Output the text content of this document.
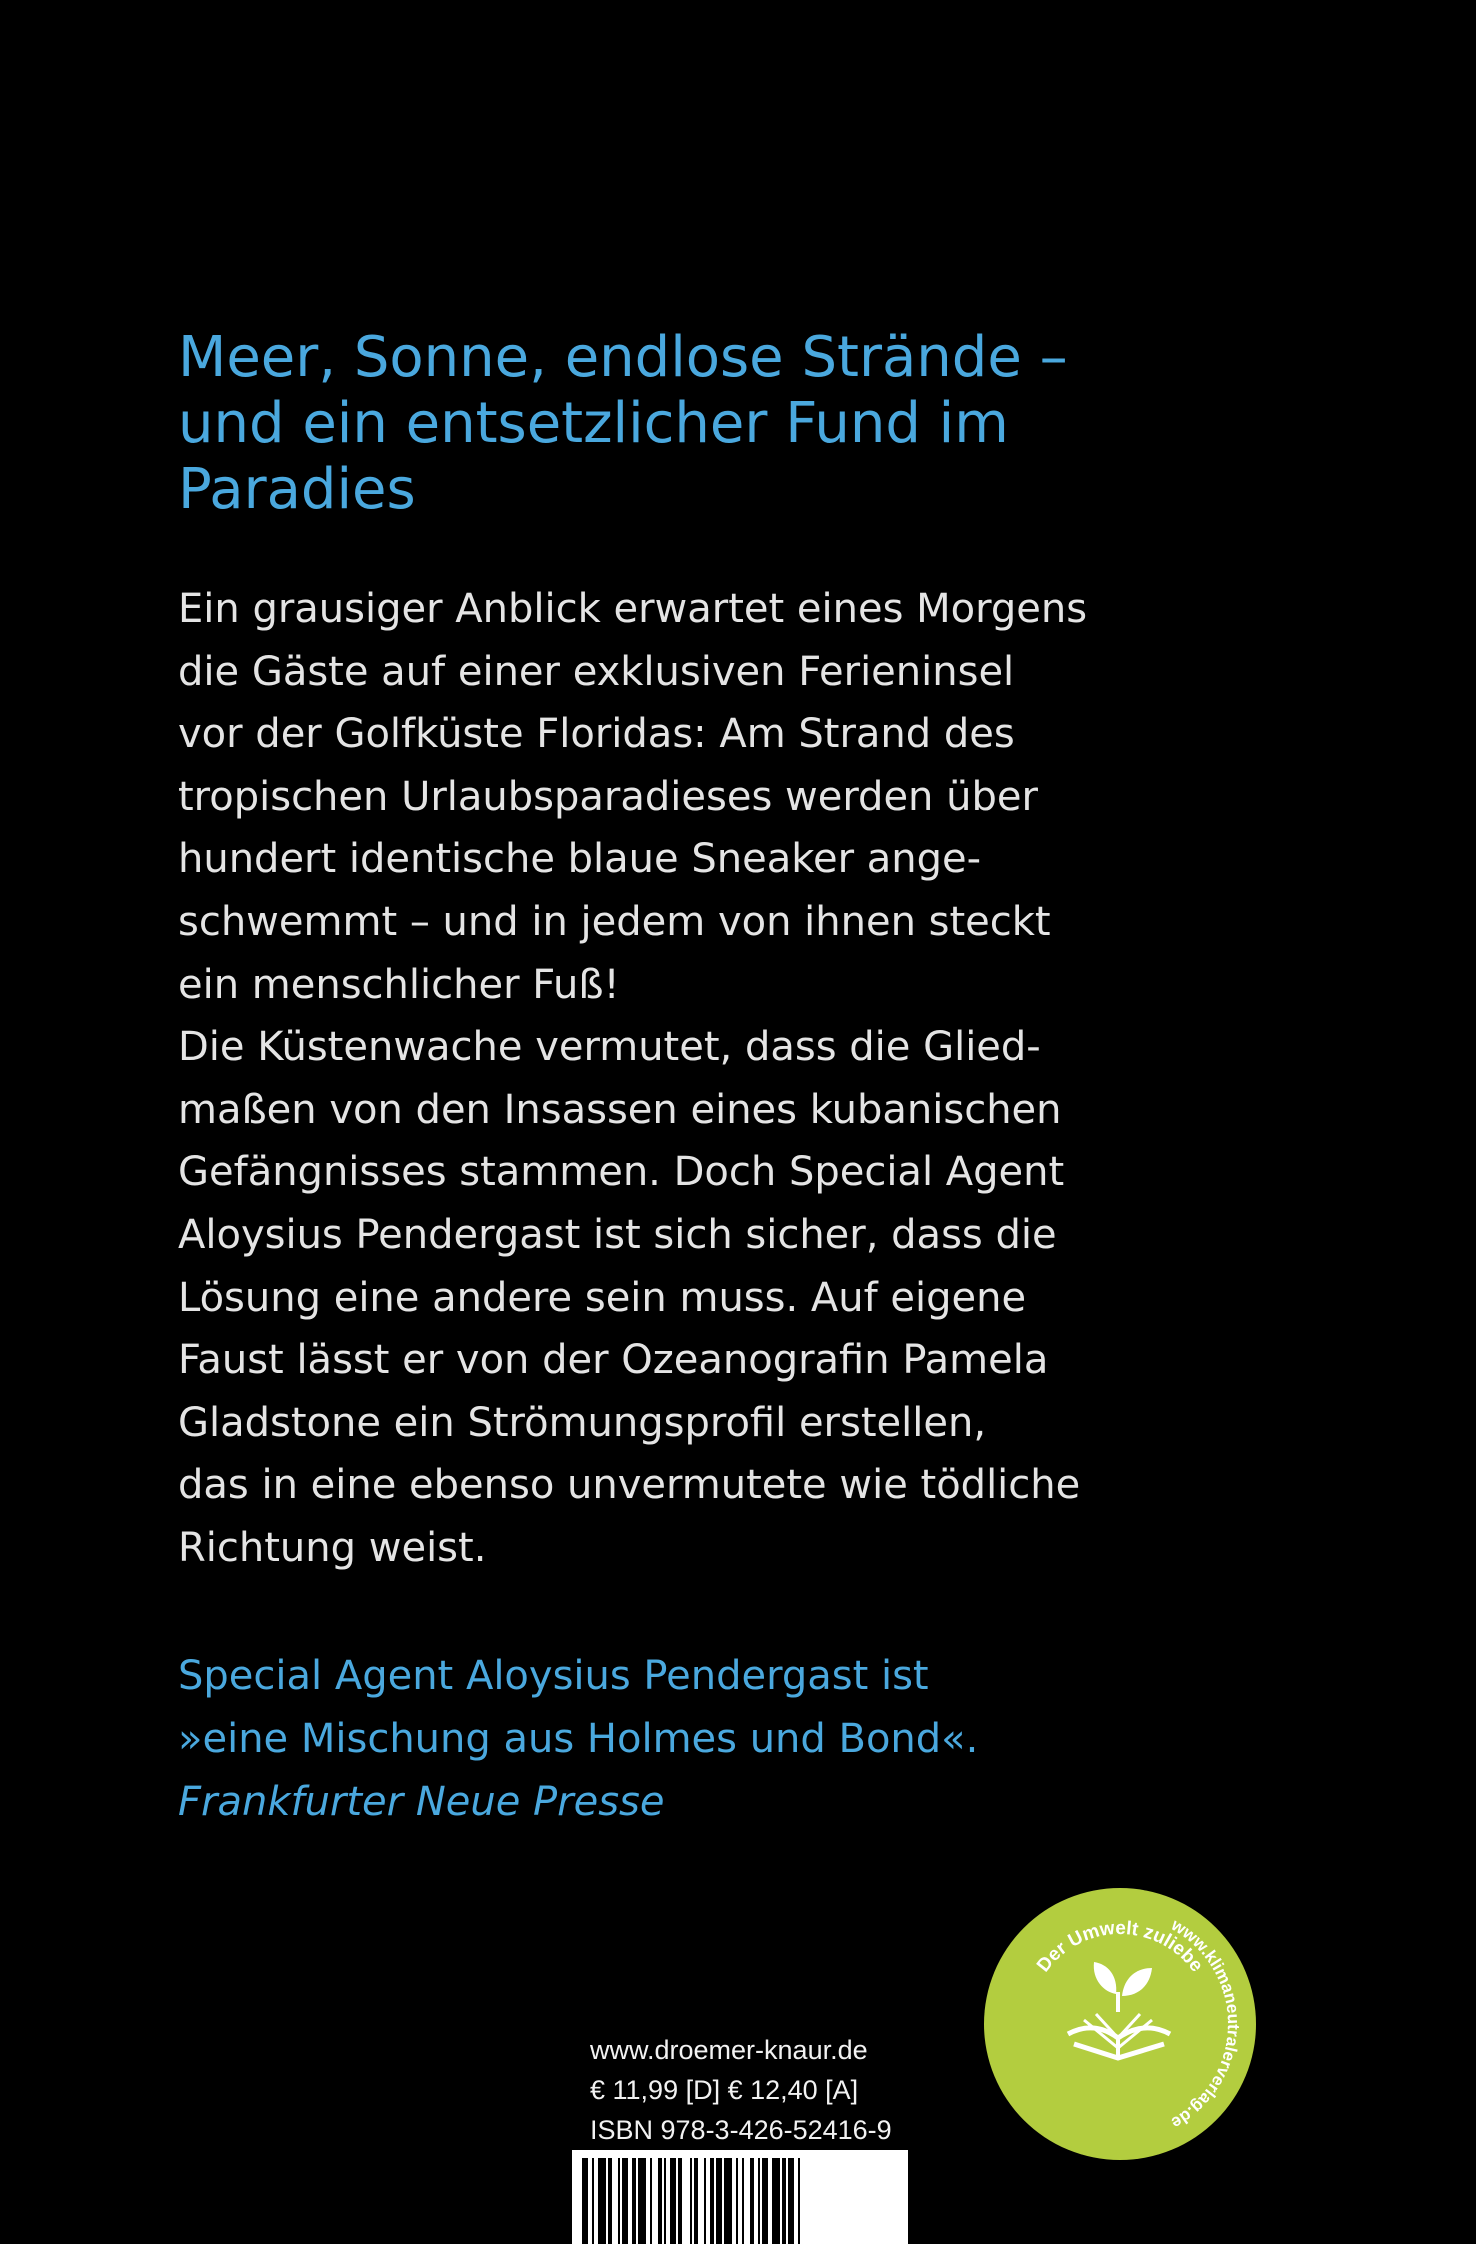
Meer, Sonne, endlose Strände –
und ein entsetzlicher Fund im
Paradies
Ein grausiger Anblick erwartet eines Morgens
die Gäste auf einer exklusiven Ferieninsel
vor der Golfküste Floridas: Am Strand des
tropischen Urlaubsparadieses werden über
hundert identische blaue Sneaker ange-
schwemmt – und in jedem von ihnen steckt
ein menschlicher Fuß!
Die Küstenwache vermutet, dass die Glied-
maßen von den Insassen eines kubanischen
Gefängnisses stammen. Doch Special Agent
Aloysius Pendergast ist sich sicher, dass die
Lösung eine andere sein muss. Auf eigene
Faust lässt er von der Ozeanografin Pamela
Gladstone ein Strömungsprofil erstellen,
das in eine ebenso unvermutete wie tödliche
Richtung weist.
Special Agent Aloysius Pendergast ist
»eine Mischung aus Holmes und Bond«.
Frankfurter Neue Presse
Der Umwelt zuliebe
www.klimaneutralerverlag.de
www.droemer-knaur.de
€ 11,99 [D] € 12,40 [A]
ISBN 978-3-426-52416-9
